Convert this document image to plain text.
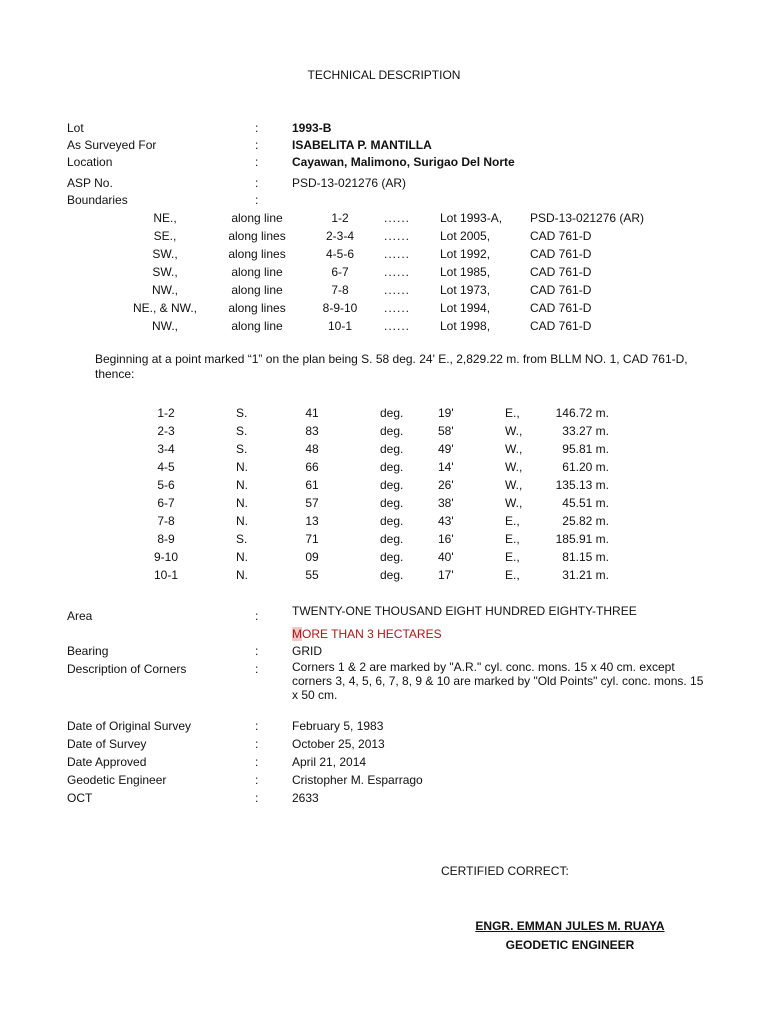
TECHNICAL DESCRIPTION
Lot	:	1993-B
As Surveyed For	:	ISABELITA P. MANTILLA
Location	:	Cayawan, Malimono, Surigao Del Norte
ASP No.	:	PSD-13-021276 (AR)
Boundaries	:
NE.,	along line	1-2	...... Lot 1993-A, PSD-13-021276 (AR)
SE.,	along lines	2-3-4	...... Lot 2005,	CAD 761-D
SW.,	along lines	4-5-6	...... Lot 1992,	CAD 761-D
SW.,	along line	6-7	...... Lot 1985,	CAD 761-D
NW.,	along line	7-8	...... Lot 1973,	CAD 761-D
NE., & NW.,	along lines	8-9-10	...... Lot 1994,	CAD 761-D
NW.,	along line	10-1	...... Lot 1998,	CAD 761-D
Beginning at a point marked “1” on the plan being S. 58 deg. 24' E., 2,829.22 m. from BLLM NO. 1, CAD 761-D, thence:
1-2	S.	41	deg.	19'	E.,	146.72 m.
2-3	S.	83	deg.	58'	W.,	33.27 m.
3-4	S.	48	deg.	49'	W.,	95.81 m.
4-5	N.	66	deg.	14'	W.,	61.20 m.
5-6	N.	61	deg.	26'	W.,	135.13 m.
6-7	N.	57	deg.	38'	W.,	45.51 m.
7-8	N.	13	deg.	43'	E.,	25.82 m.
8-9	S.	71	deg.	16'	E.,	185.91 m.
9-10	N.	09	deg.	40'	E.,	81.15 m.
10-1	N.	55	deg.	17'	E.,	31.21 m.
Area	:	TWENTY-ONE THOUSAND EIGHT HUNDRED EIGHTY-THREE
MORE THAN 3 HECTARES
Bearing	:	GRID
Description of Corners	:	Corners 1 & 2 are marked by "A.R." cyl. conc. mons. 15 x 40 cm. except corners 3, 4, 5, 6, 7, 8, 9 & 10 are marked by "Old Points" cyl. conc. mons. 15 x 50 cm.
Date of Original Survey	:	February 5, 1983
Date of Survey	:	October 25, 2013
Date Approved	:	April 21, 2014
Geodetic Engineer	:	Cristopher M. Esparrago
OCT	:	2633
CERTIFIED CORRECT:
ENGR. EMMAN JULES M. RUAYA
GEODETIC ENGINEER
